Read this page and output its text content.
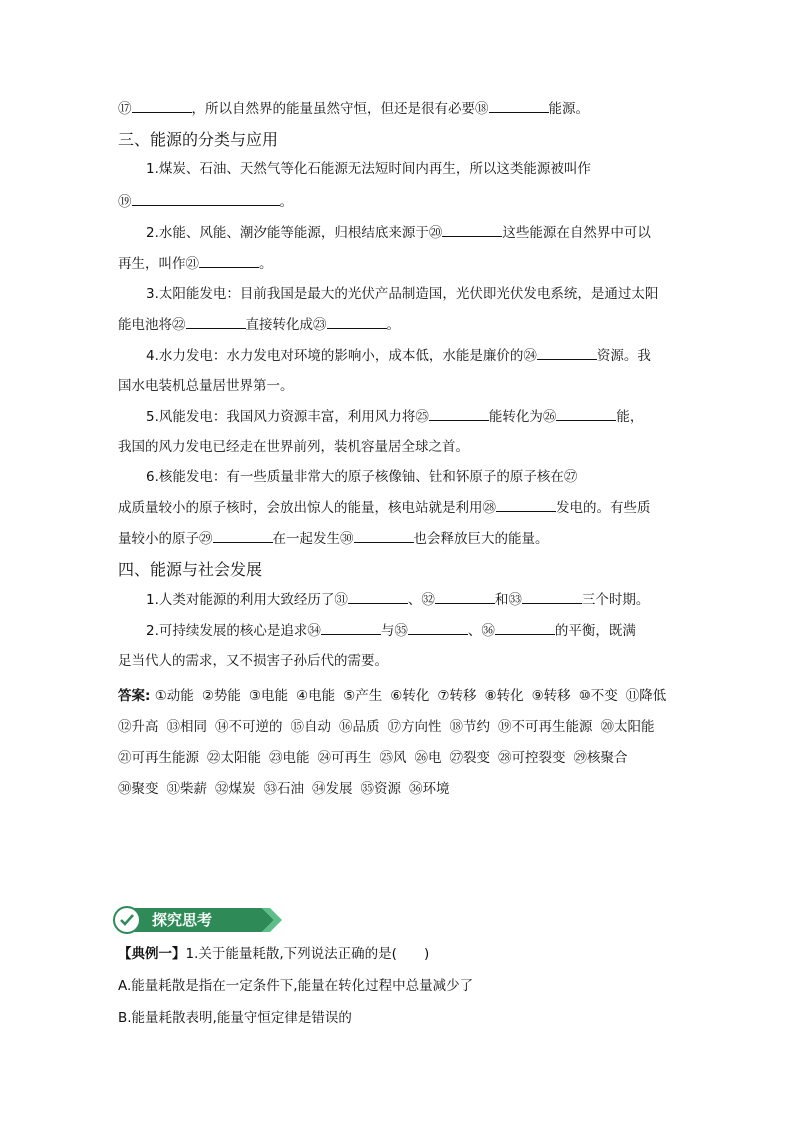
⑰	，所以自然界的能量虽然守恒，但还是很有必要⑱	能源。
三、能源的分类与应用
1.煤炭、石油、天然气等化石能源无法短时间内再生，所以这类能源被叫作
⑲	。
2.水能、风能、潮汐能等能源，归根结底来源于⑳	这些能源在自然界中可以
再生，叫作㉑	。
3.太阳能发电：目前我国是最大的光伏产品制造国，光伏即光伏发电系统，是通过太阳
能电池将㉒	直接转化成㉓	。
4.水力发电：水力发电对环境的影响小，成本低，水能是廉价的㉔	资源。我
国水电装机总量居世界第一。
5.风能发电：我国风力资源丰富，利用风力将㉕	能转化为㉖	能，
我国的风力发电已经走在世界前列，装机容量居全球之首。
6.核能发电：有一些质量非常大的原子核像铀、钍和钚原子的原子核在㉗
成质量较小的原子核时，会放出惊人的能量，核电站就是利用㉘	发电的。有些质
量较小的原子㉙	在一起发生㉚	也会释放巨大的能量。
四、能源与社会发展
1.人类对能源的利用大致经历了㉛	、㉜	和㉝	三个时期。
2.可持续发展的核心是追求㉞	与㉟	、㊱	的平衡，既满
足当代人的需求，又不损害子孙后代的需要。
答案: ①动能 ②势能 ③电能 ④电能 ⑤产生 ⑥转化 ⑦转移 ⑧转化 ⑨转移 ⑩不变 ⑪降低⑫升高 ⑬相同 ⑭不可逆的 ⑮自动 ⑯品质 ⑰方向性 ⑱节约 ⑲不可再生能源 ⑳太阳能㉑可再生能源 ㉒太阳能 ㉓电能 ㉔可再生 ㉕风 ㉖电 ㉗裂变 ㉘可控裂变 ㉙核聚合㉚聚变 ㉛柴薪 ㉜煤炭 ㉝石油 ㉞发展 ㉟资源 ㊱环境
探究思考
【典例一】1.关于能量耗散,下列说法正确的是(　　)
A.能量耗散是指在一定条件下,能量在转化过程中总量减少了
B.能量耗散表明,能量守恒定律是错误的
